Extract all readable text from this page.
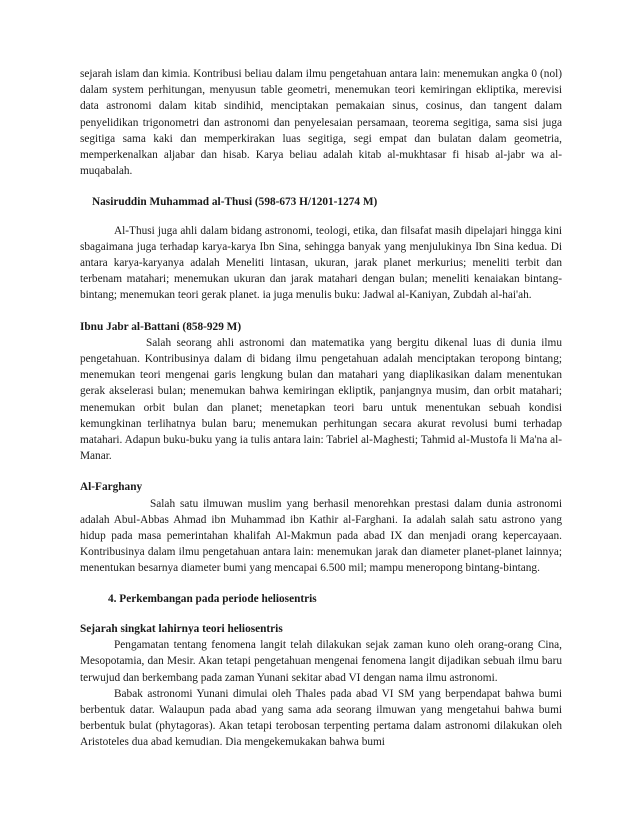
sejarah islam dan kimia. Kontribusi beliau dalam ilmu pengetahuan antara lain: menemukan angka 0 (nol) dalam system perhitungan, menyusun table geometri, menemukan teori kemiringan ekliptika, merevisi data astronomi dalam kitab sindihid, menciptakan pemakaian sinus, cosinus, dan tangent dalam penyelidikan trigonometri dan astronomi dan penyelesaian persamaan, teorema segitiga, sama sisi juga segitiga sama kaki dan memperkirakan luas segitiga, segi empat dan bulatan dalam geometria, memperkenalkan aljabar dan hisab. Karya beliau adalah kitab al-mukhtasar fi hisab al-jabr wa al-muqabalah.

Nasiruddin Muhammad al-Thusi (598-673 H/1201-1274 M)

Al-Thusi juga ahli dalam bidang astronomi, teologi, etika, dan filsafat masih dipelajari hingga kini sbagaimana juga terhadap karya-karya Ibn Sina, sehingga banyak yang menjulukinya Ibn Sina kedua. Di antara karya-karyanya adalah Meneliti lintasan, ukuran, jarak planet merkurius; meneliti terbit dan terbenam matahari; menemukan ukuran dan jarak matahari dengan bulan; meneliti kenaiakan bintang-bintang; menemukan teori gerak planet. ia juga menulis buku: Jadwal al-Kaniyan, Zubdah al-hai'ah.

Ibnu Jabr al-Battani (858-929 M)

Salah seorang ahli astronomi dan matematika yang bergitu dikenal luas di dunia ilmu pengetahuan. Kontribusinya dalam di bidang ilmu pengetahuan adalah menciptakan teropong bintang; menemukan teori mengenai garis lengkung bulan dan matahari yang diaplikasikan dalam menentukan gerak akselerasi bulan; menemukan bahwa kemiringan ekliptik, panjangnya musim, dan orbit matahari; menemukan orbit bulan dan planet; menetapkan teori baru untuk menentukan sebuah kondisi kemungkinan terlihatnya bulan baru; menemukan perhitungan secara akurat revolusi bumi terhadap matahari. Adapun buku-buku yang ia tulis antara lain: Tabriel al-Maghesti; Tahmid al-Mustofa li Ma'na al-Manar.

Al-Farghany

Salah satu ilmuwan muslim yang berhasil menorehkan prestasi dalam dunia astronomi adalah Abul-Abbas Ahmad ibn Muhammad ibn Kathir al-Farghani. Ia adalah salah satu astrono yang hidup pada masa pemerintahan khalifah Al-Makmun pada abad IX dan menjadi orang kepercayaan. Kontribusinya dalam ilmu pengetahuan antara lain: menemukan jarak dan diameter planet-planet lainnya; menentukan besarnya diameter bumi yang mencapai 6.500 mil; mampu meneropong bintang-bintang.

4. Perkembangan pada periode heliosentris

Sejarah singkat lahirnya teori heliosentris

Pengamatan tentang fenomena langit telah dilakukan sejak zaman kuno oleh orang-orang Cina, Mesopotamia, dan Mesir. Akan tetapi pengetahuan mengenai fenomena langit dijadikan sebuah ilmu baru terwujud dan berkembang pada zaman Yunani sekitar abad VI dengan nama ilmu astronomi.

Babak astronomi Yunani dimulai oleh Thales pada abad VI SM yang berpendapat bahwa bumi berbentuk datar. Walaupun pada abad yang sama ada seorang ilmuwan yang mengetahui bahwa bumi berbentuk bulat (phytagoras). Akan tetapi terobosan terpenting pertama dalam astronomi dilakukan oleh Aristoteles dua abad kemudian. Dia mengekemukakan bahwa bumi
